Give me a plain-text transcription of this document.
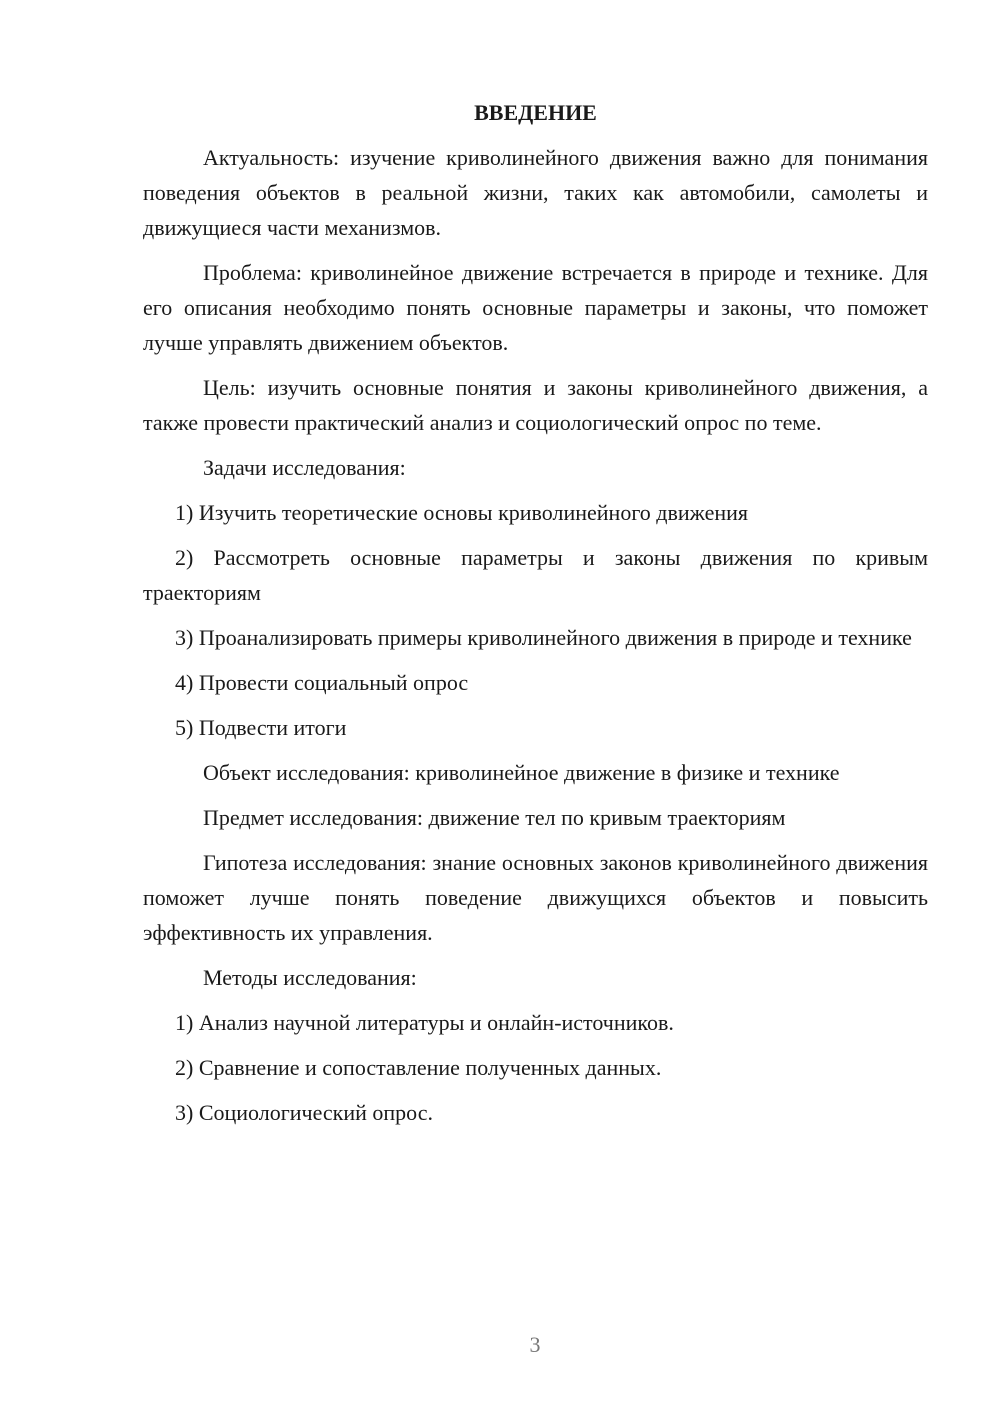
ВВЕДЕНИЕ

Актуальность: изучение криволинейного движения важно для понимания поведения объектов в реальной жизни, таких как автомобили, самолеты и движущиеся части механизмов.

Проблема: криволинейное движение встречается в природе и технике. Для его описания необходимо понять основные параметры и законы, что поможет лучше управлять движением объектов.

Цель: изучить основные понятия и законы криволинейного движения, а также провести практический анализ и социологический опрос по теме.

Задачи исследования:

1) Изучить теоретические основы криволинейного движения

2) Рассмотреть основные параметры и законы движения по кривым траекториям

3) Проанализировать примеры криволинейного движения в природе и технике

4) Провести социальный опрос

5) Подвести итоги

Объект исследования: криволинейное движение в физике и технике

Предмет исследования: движение тел по кривым траекториям

Гипотеза исследования: знание основных законов криволинейного движения поможет лучше понять поведение движущихся объектов и повысить эффективность их управления.

Методы исследования:

1) Анализ научной литературы и онлайн-источников.

2) Сравнение и сопоставление полученных данных.

3) Социологический опрос.

3
